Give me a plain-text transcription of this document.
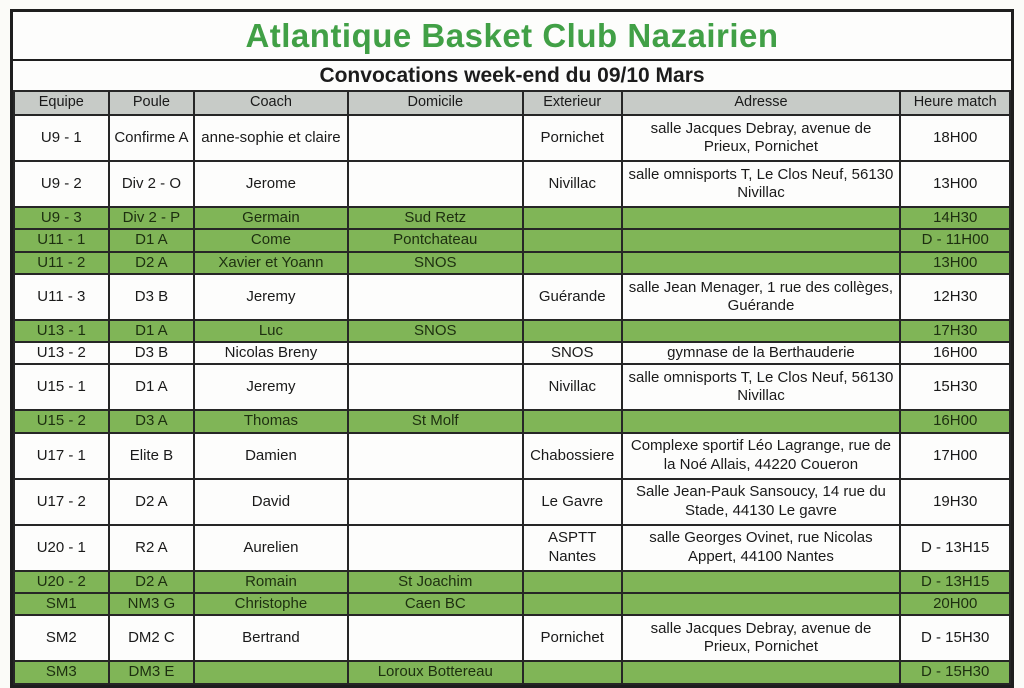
Atlantique Basket Club Nazairien
Convocations week-end du 09/10 Mars
Equipe	Poule	Coach	Domicile	Exterieur	Adresse	Heure match
U9 - 1	Confirme A	anne-sophie et claire		Pornichet	salle Jacques Debray, avenue de Prieux, Pornichet	18H00
U9 - 2	Div 2 - O	Jerome		Nivillac	salle omnisports T, Le Clos Neuf, 56130 Nivillac	13H00
U9 - 3	Div 2 - P	Germain	Sud Retz			14H30
U11 - 1	D1 A	Come	Pontchateau			D - 11H00
U11 - 2	D2 A	Xavier et Yoann	SNOS			13H00
U11 - 3	D3 B	Jeremy		Guérande	salle Jean Menager, 1 rue des collèges, Guérande	12H30
U13 - 1	D1 A	Luc	SNOS			17H30
U13 - 2	D3 B	Nicolas Breny		SNOS	gymnase de la Berthauderie	16H00
U15 - 1	D1 A	Jeremy		Nivillac	salle omnisports T, Le Clos Neuf, 56130 Nivillac	15H30
U15 - 2	D3 A	Thomas	St Molf			16H00
U17 - 1	Elite B	Damien		Chabossiere	Complexe sportif Léo Lagrange, rue de la Noé Allais, 44220 Coueron	17H00
U17 - 2	D2 A	David		Le Gavre	Salle Jean-Pauk Sansoucy, 14 rue du Stade, 44130 Le gavre	19H30
U20 - 1	R2 A	Aurelien		ASPTT Nantes	salle Georges Ovinet, rue Nicolas Appert, 44100 Nantes	D - 13H15
U20 - 2	D2 A	Romain	St Joachim			D - 13H15
SM1	NM3 G	Christophe	Caen BC			20H00
SM2	DM2 C	Bertrand		Pornichet	salle Jacques Debray, avenue de Prieux, Pornichet	D - 15H30
SM3	DM3 E		Loroux Bottereau			D - 15H30
